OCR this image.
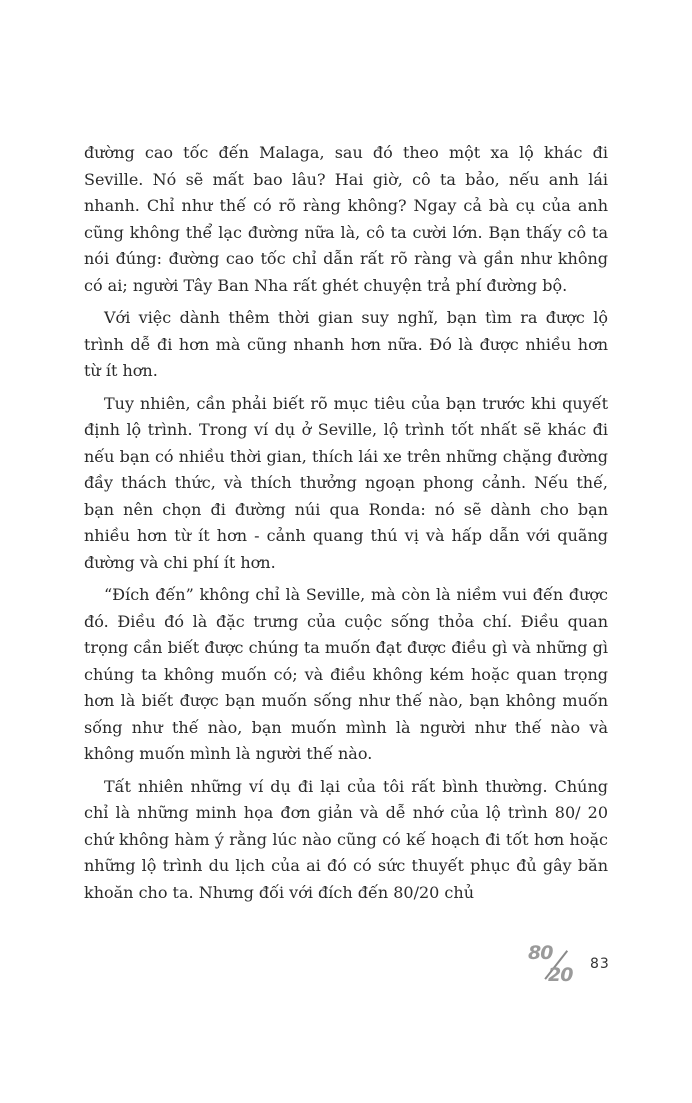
đường cao tốc đến Malaga, sau đó theo một xa lộ khác đi Seville. Nó sẽ mất bao lâu? Hai giờ, cô ta bảo, nếu anh lái nhanh. Chỉ như thế có rõ ràng không? Ngay cả bà cụ của anh cũng không thể lạc đường nữa là, cô ta cười lớn. Bạn thấy cô ta nói đúng: đường cao tốc chỉ dẫn rất rõ ràng và gần như không có ai; người Tây Ban Nha rất ghét chuyện trả phí đường bộ.

Với việc dành thêm thời gian suy nghĩ, bạn tìm ra được lộ trình dễ đi hơn mà cũng nhanh hơn nữa. Đó là được nhiều hơn từ ít hơn.

Tuy nhiên, cần phải biết rõ mục tiêu của bạn trước khi quyết định lộ trình. Trong ví dụ ở Seville, lộ trình tốt nhất sẽ khác đi nếu bạn có nhiều thời gian, thích lái xe trên những chặng đường đầy thách thức, và thích thưởng ngoạn phong cảnh. Nếu thế, bạn nên chọn đi đường núi qua Ronda: nó sẽ dành cho bạn nhiều hơn từ ít hơn - cảnh quang thú vị và hấp dẫn với quãng đường và chi phí ít hơn.

“Đích đến” không chỉ là Seville, mà còn là niềm vui đến được đó. Điều đó là đặc trưng của cuộc sống thỏa chí. Điều quan trọng cần biết được chúng ta muốn đạt được điều gì và những gì chúng ta không muốn có; và điều không kém hoặc quan trọng hơn là biết được bạn muốn sống như thế nào, bạn không muốn sống như thế nào, bạn muốn mình là người như thế nào và không muốn mình là người thế nào.

Tất nhiên những ví dụ đi lại của tôi rất bình thường. Chúng chỉ là những minh họa đơn giản và dễ nhớ của lộ trình 80/ 20 chứ không hàm ý rằng lúc nào cũng có kế hoạch đi tốt hơn hoặc những lộ trình du lịch của ai đó có sức thuyết phục đủ gây băn khoăn cho ta. Nhưng đối với đích đến 80/20 chủ

80
20 83
